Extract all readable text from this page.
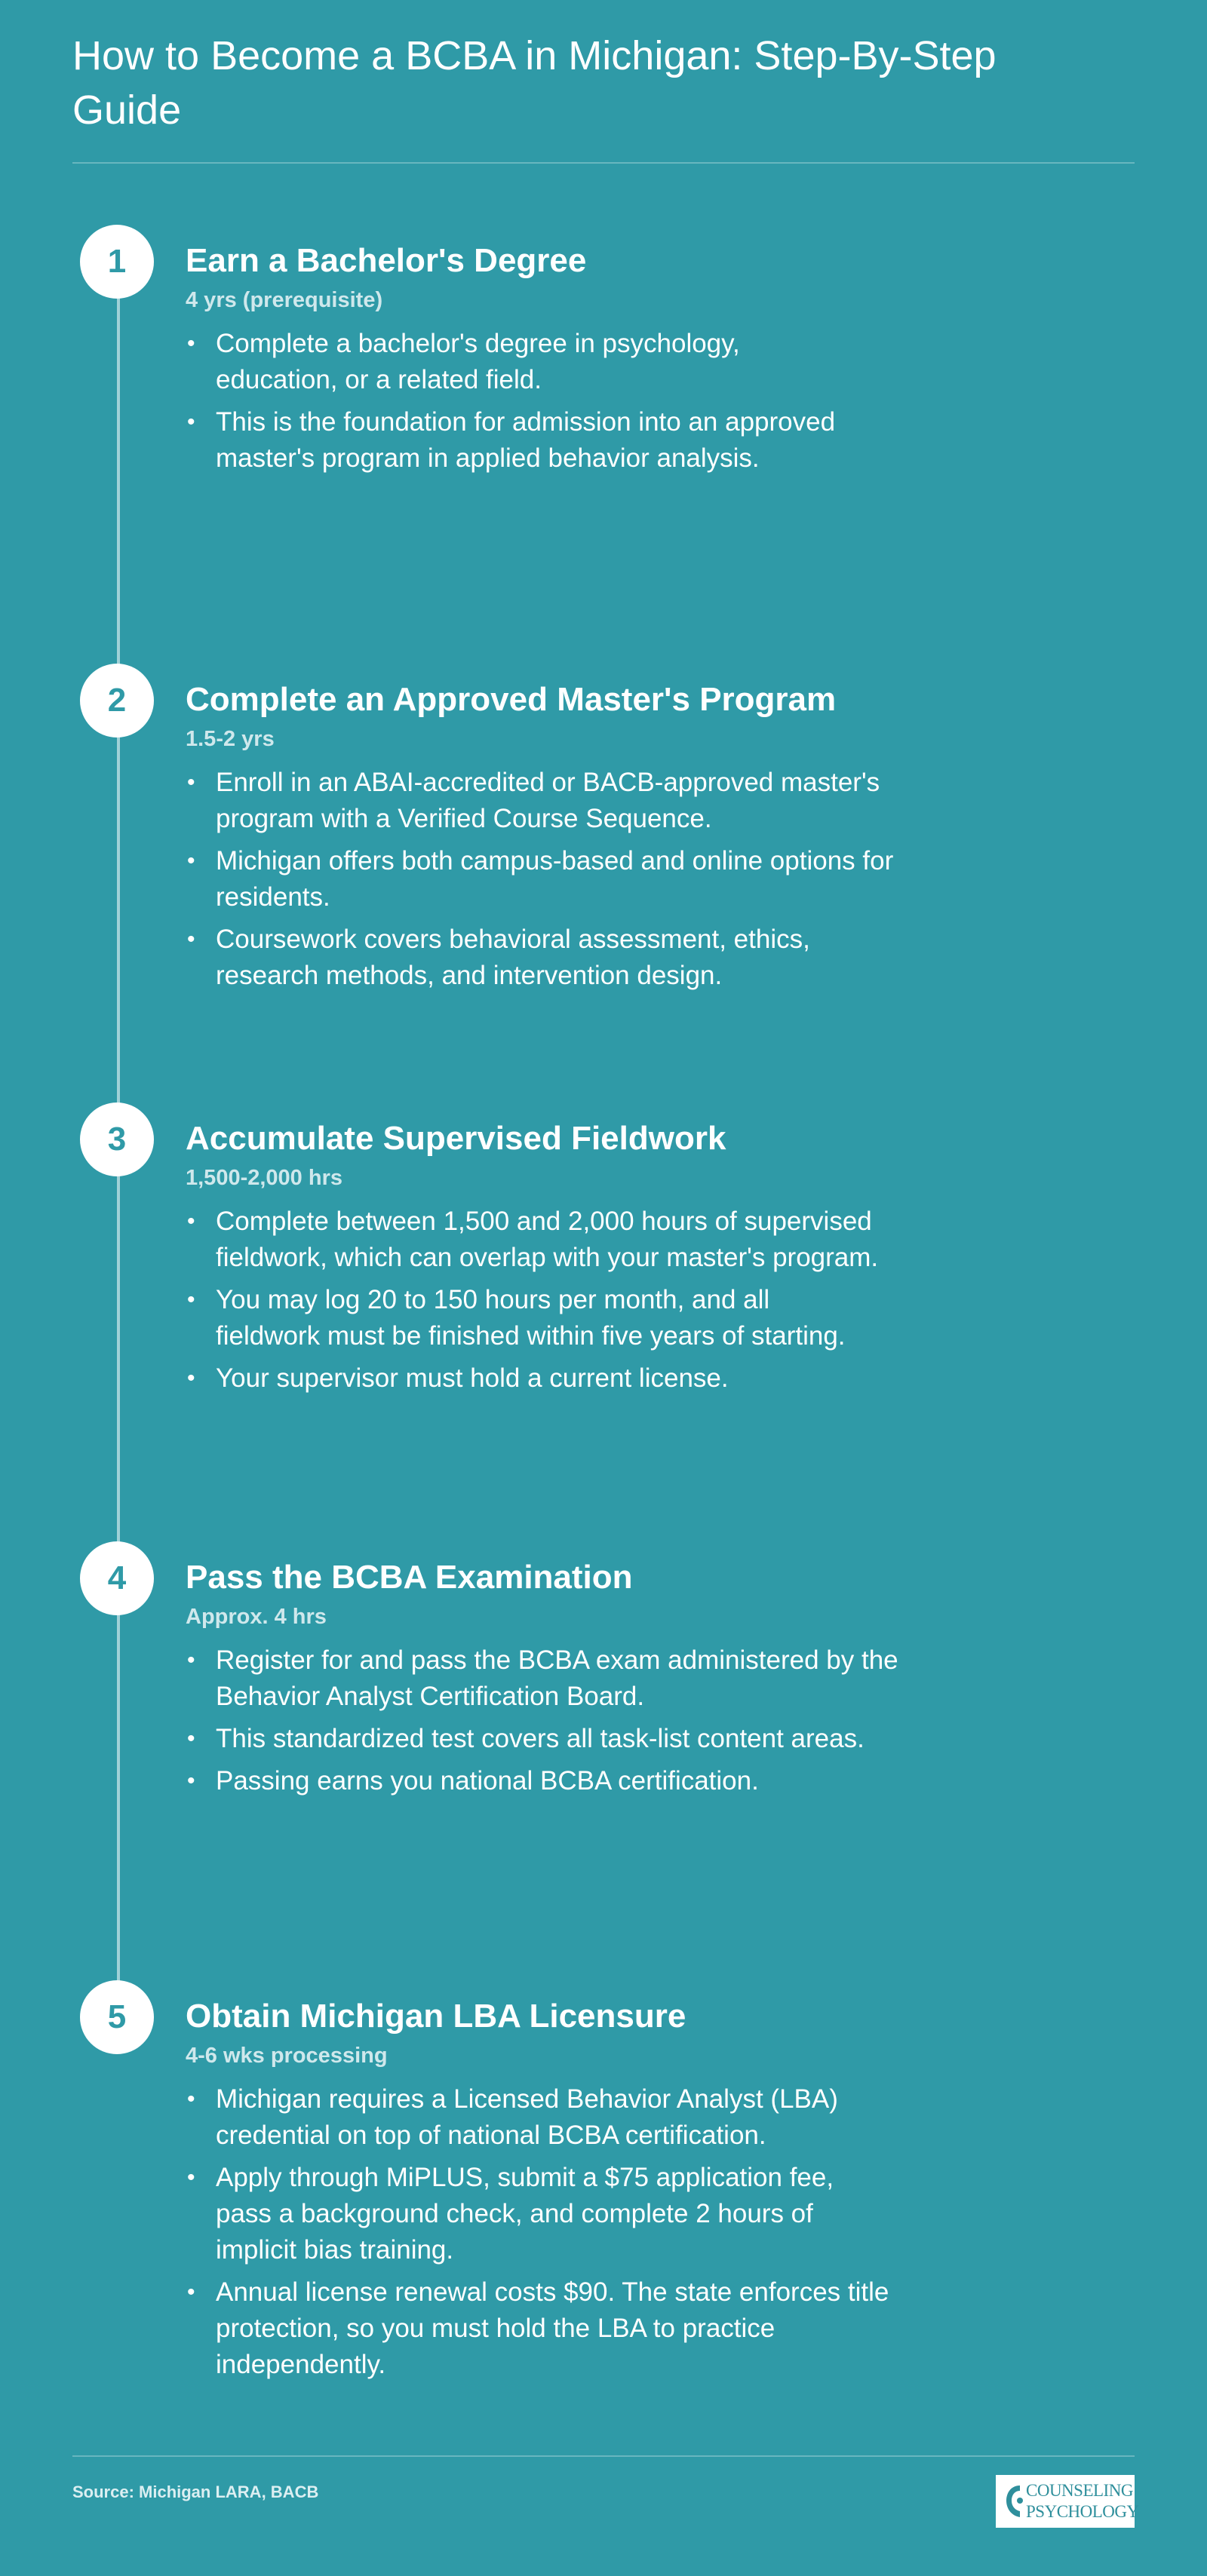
How to Become a BCBA in Michigan: Step-By-Step Guide
1	Earn a Bachelor's Degree
4 yrs (prerequisite)
• Complete a bachelor's degree in psychology, education, or a related field.
• This is the foundation for admission into an approved master's program in applied behavior analysis.
2	Complete an Approved Master's Program
1.5-2 yrs
• Enroll in an ABAI-accredited or BACB-approved master's program with a Verified Course Sequence.
• Michigan offers both campus-based and online options for residents.
• Coursework covers behavioral assessment, ethics, research methods, and intervention design.
3	Accumulate Supervised Fieldwork
1,500-2,000 hrs
• Complete between 1,500 and 2,000 hours of supervised fieldwork, which can overlap with your master's program.
• You may log 20 to 150 hours per month, and all fieldwork must be finished within five years of starting.
• Your supervisor must hold a current license.
4	Pass the BCBA Examination
Approx. 4 hrs
• Register for and pass the BCBA exam administered by the Behavior Analyst Certification Board.
• This standardized test covers all task-list content areas.
• Passing earns you national BCBA certification.
5	Obtain Michigan LBA Licensure
4-6 wks processing
• Michigan requires a Licensed Behavior Analyst (LBA) credential on top of national BCBA certification.
• Apply through MiPLUS, submit a $75 application fee, pass a background check, and complete 2 hours of implicit bias training.
• Annual license renewal costs $90. The state enforces title protection, so you must hold the LBA to practice independently.
Source: Michigan LARA, BACB	COUNSELING
PSYCHOLOGY
